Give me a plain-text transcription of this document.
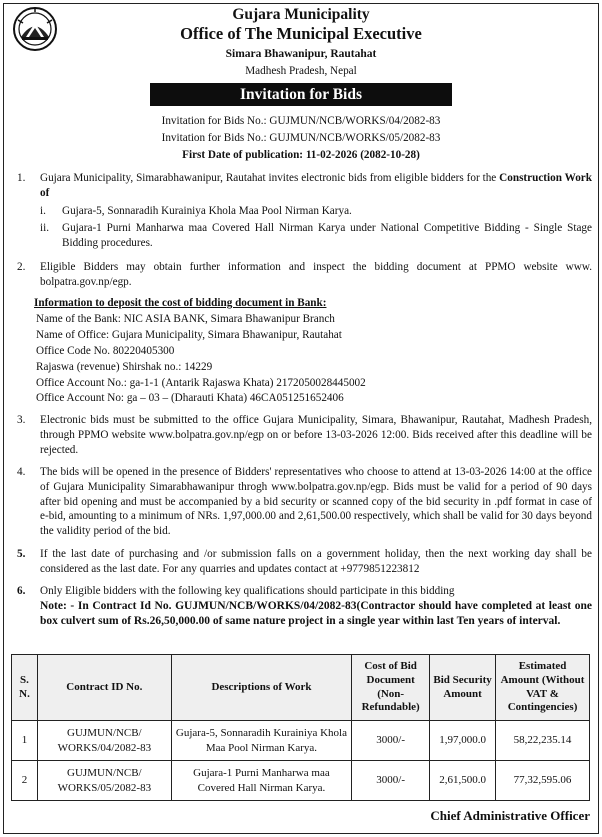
Gujara Municipality
Office of The Municipal Executive
Simara Bhawanipur, Rautahat
Madhesh Pradesh, Nepal
Invitation for Bids
Invitation for Bids No.: GUJMUN/NCB/WORKS/04/2082-83
Invitation for Bids No.: GUJMUN/NCB/WORKS/05/2082-83
First Date of publication: 11-02-2026 (2082-10-28)
1.	Gujara Municipality, Simarabhawanipur, Rautahat invites electronic bids from eligible bidders for the Construction Work of
i. Gujara-5, Sonnaradih Kurainiya Khola Maa Pool Nirman Karya.
ii. Gujara-1 Purni Manharwa maa Covered Hall Nirman Karya under National Competitive Bidding - Single Stage Bidding procedures.
2.	Eligible Bidders may obtain further information and inspect the bidding document at PPMO website www. bolpatra.gov.np/egp.
Information to deposit the cost of bidding document in Bank:
Name of the Bank: NIC ASIA BANK, Simara Bhawanipur Branch
Name of Office: Gujara Municipality, Simara Bhawanipur, Rautahat
Office Code No. 80220405300
Rajaswa (revenue) Shirshak no.: 14229
Office Account No.: ga-1-1 (Antarik Rajaswa Khata) 2172050028445002
Office Account No: ga – 03 – (Dharauti Khata) 46CA051251652406
3.	Electronic bids must be submitted to the office Gujara Municipality, Simara, Bhawanipur, Rautahat, Madhesh Pradesh, through PPMO website www.bolpatra.gov.np/egp on or before 13-03-2026 12:00. Bids received after this deadline will be rejected.
4.	The bids will be opened in the presence of Bidders' representatives who choose to attend at 13-03-2026 14:00 at the office of Gujara Municipality Simarabhawanipur throgh www.bolpatra.gov.np/egp. Bids must be valid for a period of 90 days after bid opening and must be accompanied by a bid security or scanned copy of the bid security in .pdf format in case of e-bid, amounting to a minimum of NRs. 1,97,000.00 and 2,61,500.00 respectively, which shall be valid for 30 days beyond the validity period of the bid.
5.	If the last date of purchasing and /or submission falls on a government holiday, then the next working day shall be considered as the last date. For any quarries and updates contact at +9779851223812
6.	Only Eligible bidders with the following key qualifications should participate in this bidding
Note: - In Contract Id No. GUJMUN/NCB/WORKS/04/2082-83(Contractor should have completed at least one box culvert sum of Rs.26,50,000.00 of same nature project in a single year within last Ten years of interval.
S. N.	Contract ID No.	Descriptions of Work	Cost of Bid Document (Non-Refundable)	Bid Security Amount	Estimated Amount (Without VAT & Contingencies)
1	GUJMUN/NCB/ WORKS/04/2082-83	Gujara-5, Sonnaradih Kurainiya Khola Maa Pool Nirman Karya.	3000/-	1,97,000.0	58,22,235.14
2	GUJMUN/NCB/ WORKS/05/2082-83	Gujara-1 Purni Manharwa maa Covered Hall Nirman Karya.	3000/-	2,61,500.0	77,32,595.06
Chief Administrative Officer
